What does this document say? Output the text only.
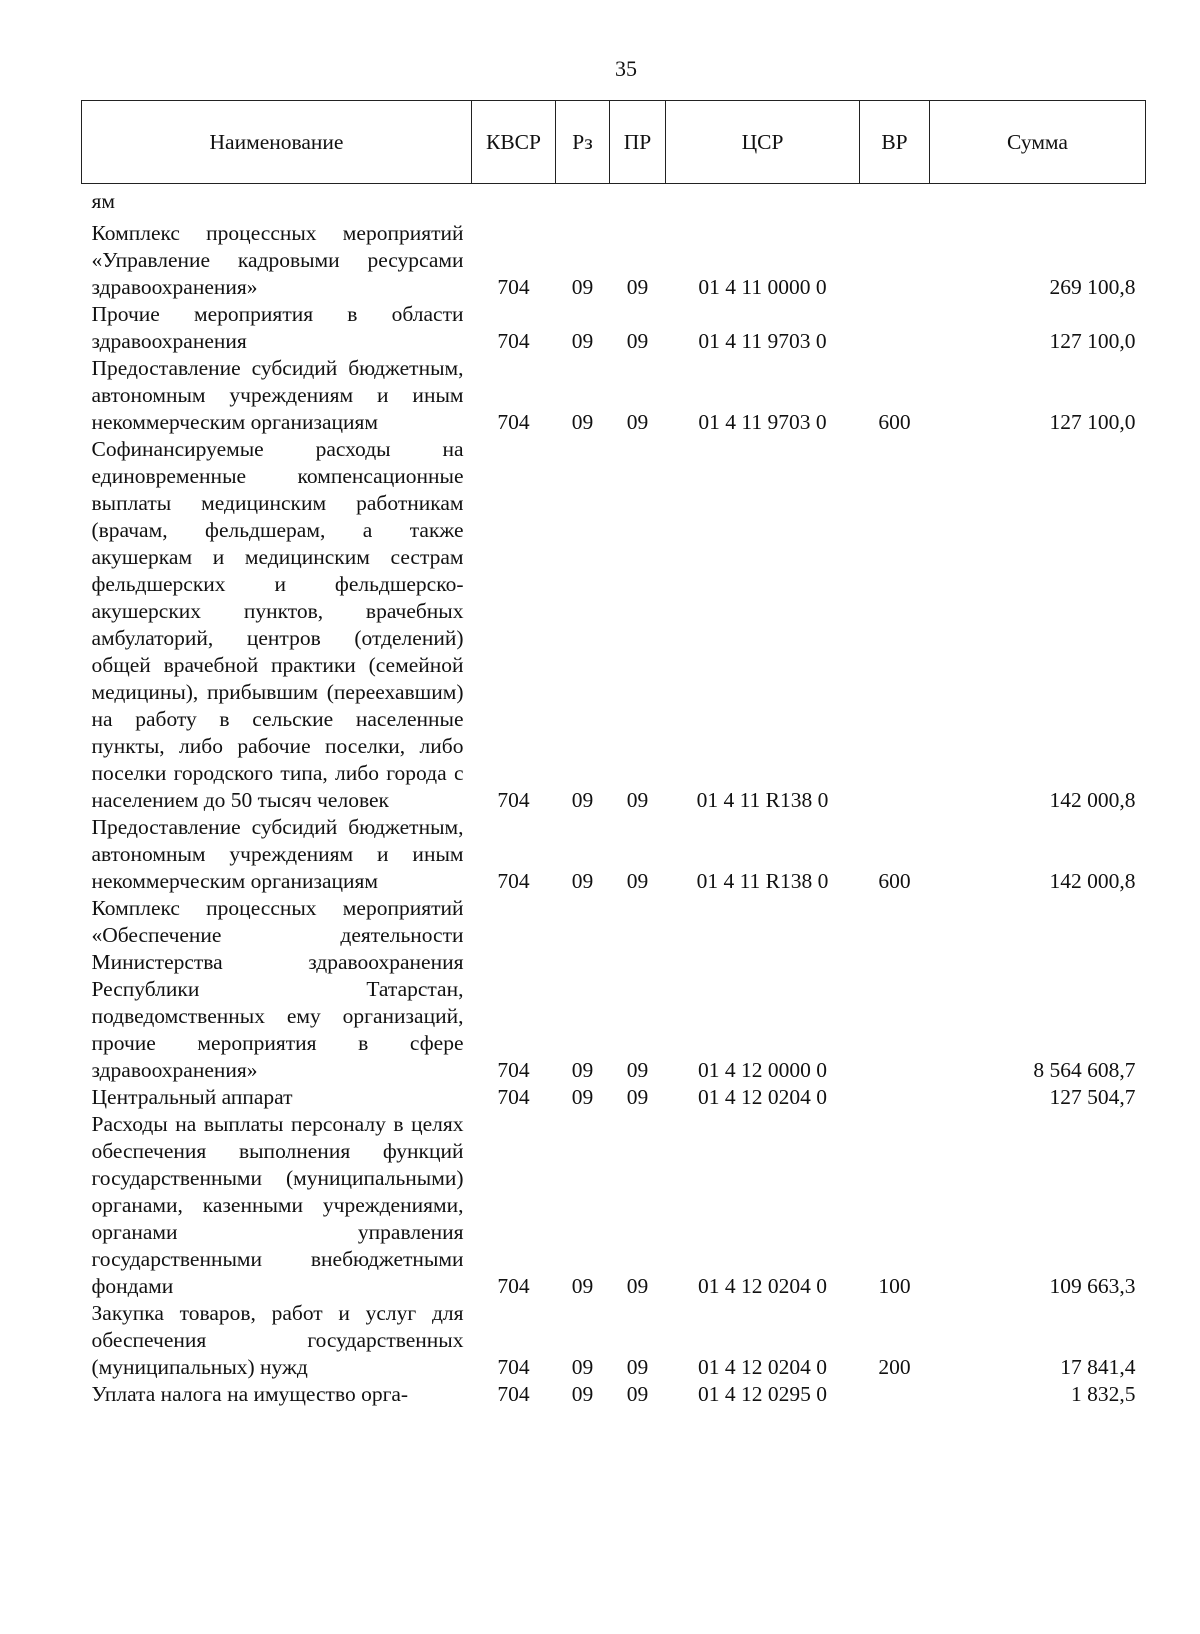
35
Наименование	КВСР	Рз	ПР	ЦСР	ВР	Сумма
ям						
Комплекс процессных мероприятий «Управление кадровыми ресурсами здравоохранения»	704	09	09	01 4 11 0000 0		269 100,8
Прочие мероприятия в области здравоохранения	704	09	09	01 4 11 9703 0		127 100,0
Предоставление субсидий бюджетным, автономным учреждениям и иным некоммерческим организациям	704	09	09	01 4 11 9703 0	600	127 100,0
Софинансируемые расходы на единовременные компенсационные выплаты медицинским работникам (врачам, фельдшерам, а также акушеркам и медицинским сестрам фельдшерских и фельдшерско-акушерских пунктов, врачебных амбулаторий, центров (отделений) общей врачебной практики (семейной медицины), прибывшим (переехавшим) на работу в сельские населенные пункты, либо рабочие поселки, либо поселки городского типа, либо города с населением до 50 тысяч человек	704	09	09	01 4 11 R138 0		142 000,8
Предоставление субсидий бюджетным, автономным учреждениям и иным некоммерческим организациям	704	09	09	01 4 11 R138 0	600	142 000,8
Комплекс процессных мероприятий «Обеспечение деятельности Министерства здравоохранения Республики Татарстан, подведомственных ему организаций, прочие мероприятия в сфере здравоохранения»	704	09	09	01 4 12 0000 0		8 564 608,7
Центральный аппарат	704	09	09	01 4 12 0204 0		127 504,7
Расходы на выплаты персоналу в целях обеспечения выполнения функций государственными (муниципальными) органами, казенными учреждениями, органами управления государственными внебюджетными фондами	704	09	09	01 4 12 0204 0	100	109 663,3
Закупка товаров, работ и услуг для обеспечения государственных (муниципальных) нужд	704	09	09	01 4 12 0204 0	200	17 841,4
Уплата налога на имущество орга-	704	09	09	01 4 12 0295 0		1 832,5
